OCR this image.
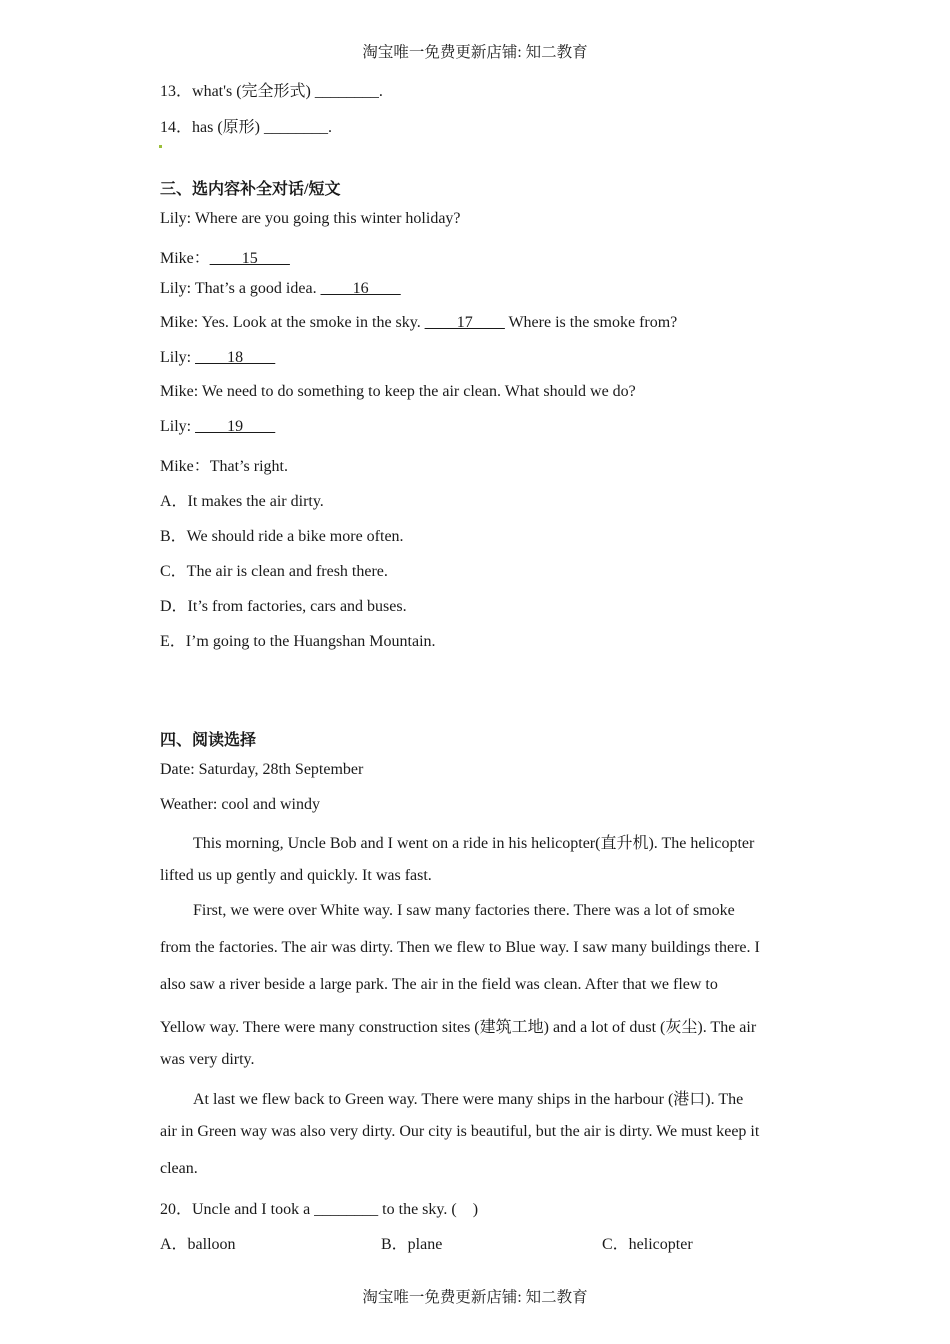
淘宝唯一免费更新店铺: 知二教育
13．what's (完全形式) ________.
14．has (原形) ________.
三、选内容补全对话/短文
Lily: Where are you going this winter holiday?
Mike：____15____
Lily: That’s a good idea. ____16____
Mike: Yes. Look at the smoke in the sky. ____17____ Where is the smoke from?
Lily: ____18____
Mike: We need to do something to keep the air clean. What should we do?
Lily: ____19____
Mike：That’s right.
A．It makes the air dirty.
B．We should ride a bike more often.
C．The air is clean and fresh there.
D．It’s from factories, cars and buses.
E．I’m going to the Huangshan Mountain.
四、阅读选择
Date: Saturday, 28th September
Weather: cool and windy
This morning, Uncle Bob and I went on a ride in his helicopter(直升机). The helicopter
lifted us up gently and quickly. It was fast.
First, we were over White way. I saw many factories there. There was a lot of smoke
from the factories. The air was dirty. Then we flew to Blue way. I saw many buildings there. I
also saw a river beside a large park. The air in the field was clean. After that we flew to
Yellow way. There were many construction sites (建筑工地) and a lot of dust (灰尘). The air
was very dirty.
At last we flew back to Green way. There were many ships in the harbour (港口). The
air in Green way was also very dirty. Our city is beautiful, but the air is dirty. We must keep it
clean.
20．Uncle and I took a ________ to the sky. (　)
A．balloon	B．plane	C．helicopter
淘宝唯一免费更新店铺: 知二教育
